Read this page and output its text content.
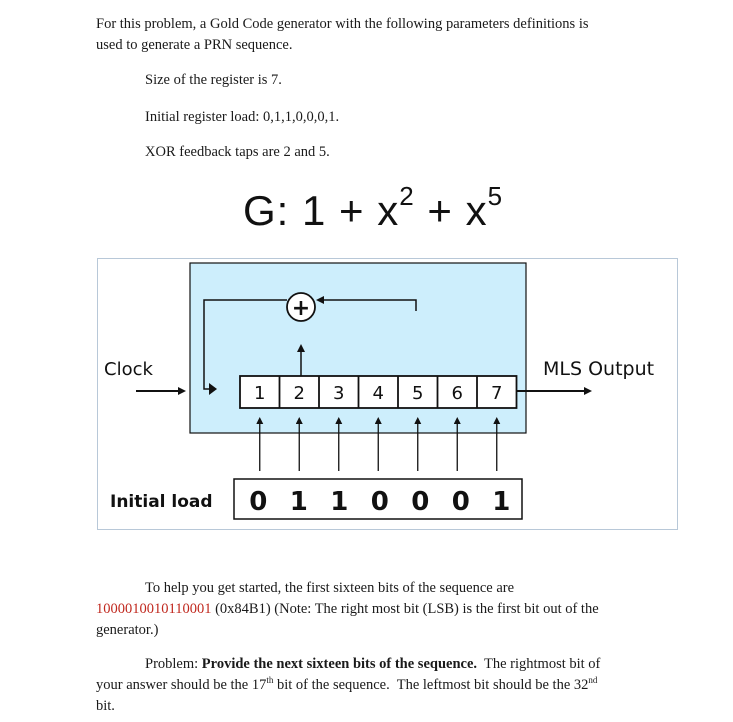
For this problem, a Gold Code generator with the following parameters definitions is
used to generate a PRN sequence.
Size of the register is 7.
Initial register load: 0,1,1,0,0,0,1.
XOR feedback taps are 2 and 5.
G: $1 + x^2 + x^5$
+
Clock
1 2 3 4 5 6 7
MLS Output
Initial load 0 1 1 0 0 0 1
To help you get started, the first sixteen bits of the sequence are
1000010010110001 (0x84B1) (Note: The right most bit (LSB) is the first bit out of the
generator.)
Problem: Provide the next sixteen bits of the sequence.  The rightmost bit of
your answer should be the 17th bit of the sequence.  The leftmost bit should be the 32nd
bit.
